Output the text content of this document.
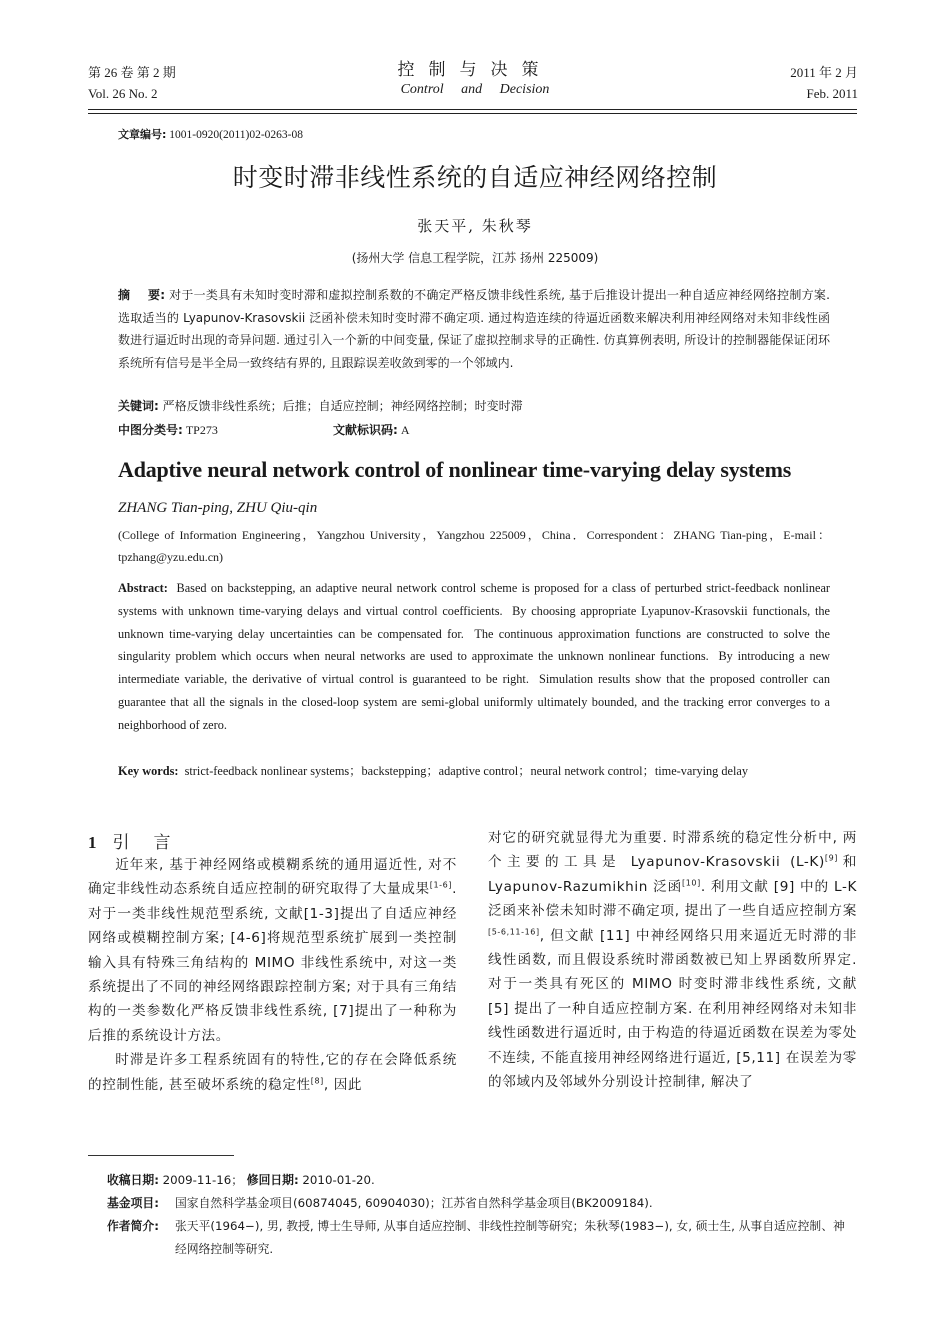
第 26 卷 第 2 期
Vol. 26 No. 2
控制与决策
Control and Decision
2011 年 2 月
Feb. 2011
文章编号: 1001-0920(2011)02-0263-08
时变时滞非线性系统的自适应神经网络控制
张天平, 朱秋琴
(扬州大学 信息工程学院，江苏 扬州 225009)
摘    要: 对于一类具有未知时变时滞和虚拟控制系数的不确定严格反馈非线性系统, 基于后推设计提出一种自适应神经网络控制方案. 选取适当的 Lyapunov-Krasovskii 泛函补偿未知时变时滞不确定项. 通过构造连续的待逼近函数来解决利用神经网络对未知非线性函数进行逼近时出现的奇异问题. 通过引入一个新的中间变量, 保证了虚拟控制求导的正确性. 仿真算例表明, 所设计的控制器能保证闭环系统所有信号是半全局一致终结有界的, 且跟踪误差收敛到零的一个邻域内.
关键词: 严格反馈非线性系统；后推；自适应控制；神经网络控制；时变时滞
中图分类号: TP273	文献标识码: A
Adaptive neural network control of nonlinear time-varying delay systems
ZHANG Tian-ping, ZHU Qiu-qin
(College of Information Engineering，Yangzhou University，Yangzhou 225009，China．Correspondent：ZHANG Tian-ping，E-mail：tpzhang@yzu.edu.cn)
Abstract:  Based on backstepping, an adaptive neural network control scheme is proposed for a class of perturbed strict-feedback nonlinear systems with unknown time-varying delays and virtual control coefficients.  By choosing appropriate Lyapunov-Krasovskii functionals, the unknown time-varying delay uncertainties can be compensated for.  The continuous approximation functions are constructed to solve the singularity problem which occurs when neural networks are used to approximate the unknown nonlinear functions.  By introducing a new intermediate variable, the derivative of virtual control is guaranteed to be right.  Simulation results show that the proposed controller can guarantee that all the signals in the closed-loop system are semi-global uniformly ultimately bounded, and the tracking error converges to a neighborhood of zero.
Key words:  strict-feedback nonlinear systems；backstepping；adaptive control；neural network control；time-varying delay
1 引言

近年来, 基于神经网络或模糊系统的通用逼近性, 对不确定非线性动态系统自适应控制的研究取得了大量成果[1-6]. 对于一类非线性规范型系统, 文献[1-3]提出了自适应神经网络或模糊控制方案; [4-6]将规范型系统扩展到一类控制输入具有特殊三角结构的 MIMO 非线性系统中, 对这一类系统提出了不同的神经网络跟踪控制方案; 对于具有三角结构的一类参数化严格反馈非线性系统, [7]提出了一种称为后推的系统设计方法。

时滞是许多工程系统固有的特性,它的存在会降低系统的控制性能, 甚至破坏系统的稳定性[8], 因此

对它的研究就显得尤为重要. 时滞系统的稳定性分析中, 两个主要的工具是 Lyapunov-Krasovskii (L-K)[9]和 Lyapunov-Razumikhin 泛函[10]. 利用文献 [9] 中的 L-K 泛函来补偿未知时滞不确定项, 提出了一些自适应控制方案[5-6,11-16], 但文献 [11] 中神经网络只用来逼近无时滞的非线性函数, 而且假设系统时滞函数被已知上界函数所界定. 对于一类具有死区的 MIMO 时变时滞非线性系统, 文献 [5] 提出了一种自适应控制方案. 在利用神经网络对未知非线性函数进行逼近时, 由于构造的待逼近函数在误差为零处不连续, 不能直接用神经网络进行逼近, [5,11] 在误差为零的邻域内及邻域外分别设计控制律, 解决了

收稿日期: 2009-11-16； 修回日期: 2010-01-20.
基金项目: 国家自然科学基金项目(60874045, 60904030)；江苏省自然科学基金项目(BK2009184).
作者简介: 张天平(1964−), 男, 教授, 博士生导师, 从事自适应控制、非线性控制等研究；朱秋琴(1983−), 女, 硕士生, 从事自适应控制、神经网络控制等研究.
